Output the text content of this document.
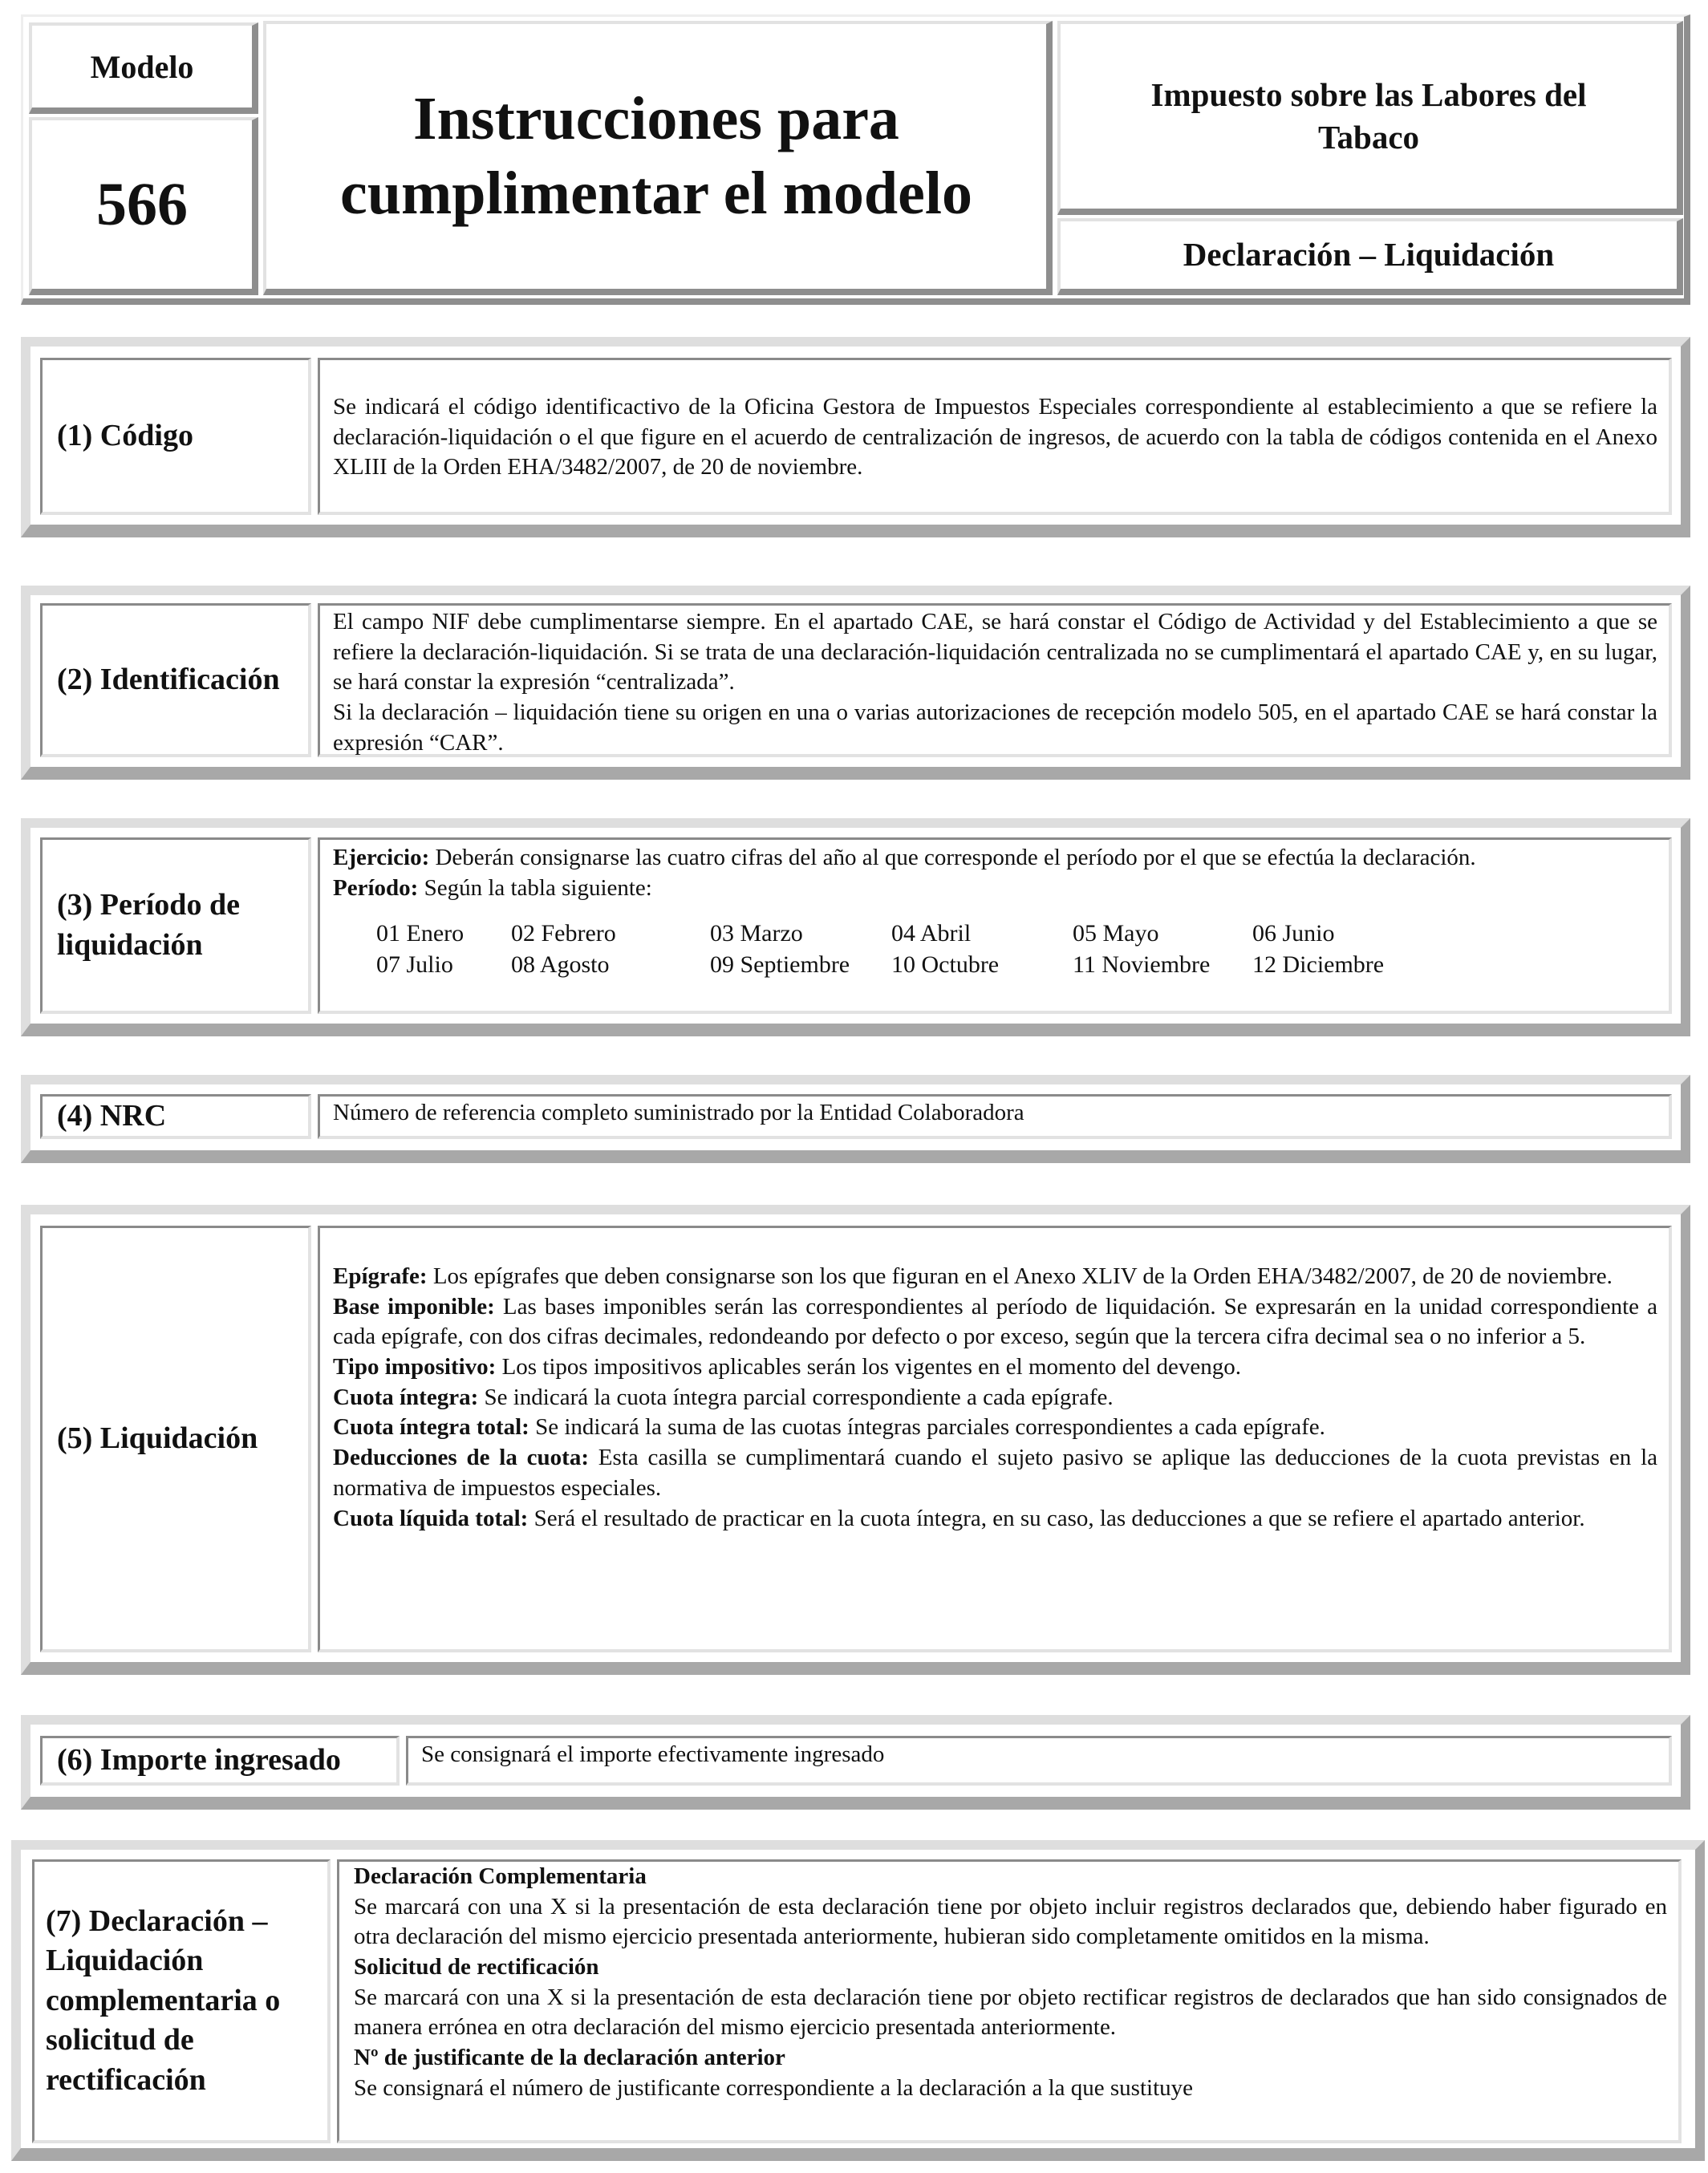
Modelo
566
Instrucciones para
cumplimentar el modelo
Impuesto sobre las Labores del
Tabaco
Declaración – Liquidación
(1) Código

Se indicará el código identificactivo de la Oficina Gestora de Impuestos Especiales correspondiente al establecimiento a que se refiere la declaración-liquidación o el que figure en el acuerdo de centralización de ingresos, de acuerdo con la tabla de códigos contenida en el Anexo XLIII de la Orden EHA/3482/2007, de 20 de noviembre.

(2) Identificación

El campo NIF debe cumplimentarse siempre. En el apartado CAE, se hará constar el Código de Actividad y del Establecimiento a que se refiere la declaración-liquidación. Si se trata de una declaración-liquidación centralizada no se cumplimentará el apartado CAE y, en su lugar, se hará constar la expresión “centralizada”.

Si la declaración – liquidación tiene su origen en una o varias autorizaciones de recepción modelo 505, en el apartado CAE se hará constar la expresión “CAR”.

(3) Período de
liquidación

Ejercicio: Deberán consignarse las cuatro cifras del año al que corresponde el período por el que se efectúa la declaración.

Período: Según la tabla siguiente:

01 Enero	02 Febrero	03 Marzo	04 Abril	05 Mayo	06 Junio
07 Julio	08 Agosto	09 Septiembre	10 Octubre	11 Noviembre	12 Diciembre
(4) NRC	Número de referencia completo suministrado por la Entidad Colaboradora

(5) Liquidación

Epígrafe: Los epígrafes que deben consignarse son los que figuran en el Anexo XLIV de la Orden EHA/3482/2007, de 20 de noviembre.

Base imponible: Las bases imponibles serán las correspondientes al período de liquidación. Se expresarán en la unidad correspondiente a cada epígrafe, con dos cifras decimales, redondeando por defecto o por exceso, según que la tercera cifra decimal sea o no inferior a 5.

Tipo impositivo: Los tipos impositivos aplicables serán los vigentes en el momento del devengo.

Cuota íntegra: Se indicará la cuota íntegra parcial correspondiente a cada epígrafe.

Cuota íntegra total: Se indicará la suma de las cuotas íntegras parciales correspondientes a cada epígrafe.

Deducciones de la cuota: Esta casilla se cumplimentará cuando el sujeto pasivo se aplique las deducciones de la cuota previstas en la normativa de impuestos especiales.

Cuota líquida total: Será el resultado de practicar en la cuota íntegra, en su caso, las deducciones a que se refiere el apartado anterior.

(6) Importe ingresado	Se consignará el importe efectivamente ingresado

(7) Declaración –
Liquidación
complementaria o
solicitud de
rectificación

Declaración Complementaria

Se marcará con una X si la presentación de esta declaración tiene por objeto incluir registros declarados que, debiendo haber figurado en otra declaración del mismo ejercicio presentada anteriormente, hubieran sido completamente omitidos en la misma.

Solicitud de rectificación

Se marcará con una X si la presentación de esta declaración tiene por objeto rectificar registros de declarados que han sido consignados de manera errónea en otra declaración del mismo ejercicio presentada anteriormente.

Nº de justificante de la declaración anterior

Se consignará el número de justificante correspondiente a la declaración a la que sustituye
